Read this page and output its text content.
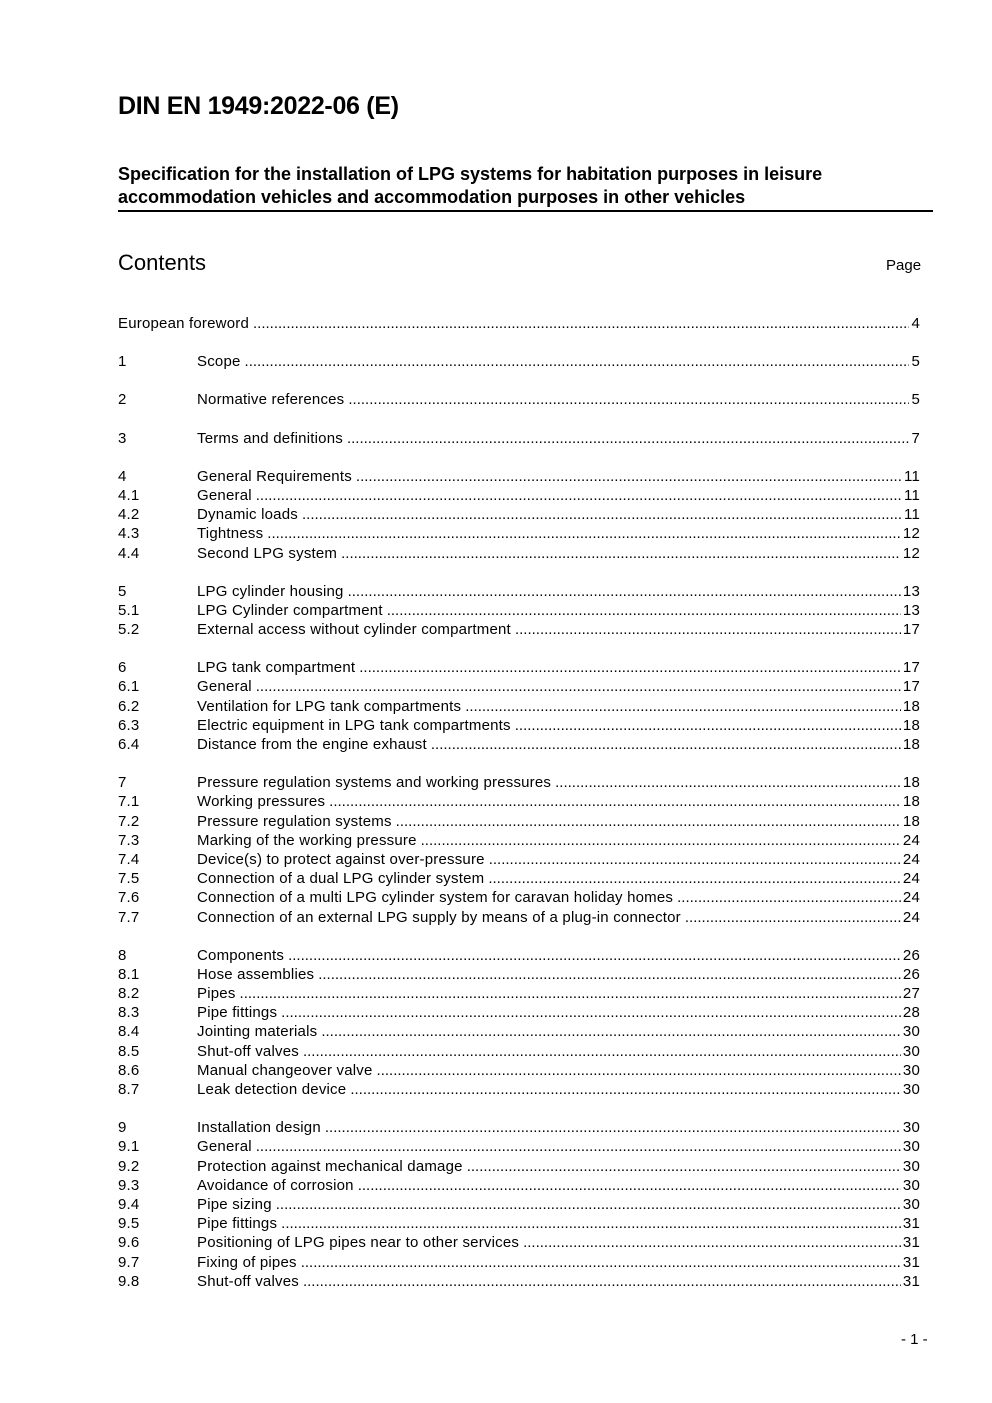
DIN EN 1949:2022-06 (E)
Specification for the installation of LPG systems for habitation purposes in leisure accommodation vehicles and accommodation purposes in other vehicles
Contents	Page
European foreword .....	4
1	Scope .....	5
2	Normative references .....	5
3	Terms and definitions .....	7
4	General Requirements .....	11
4.1	General .....	11
4.2	Dynamic loads .....	11
4.3	Tightness .....	12
4.4	Second LPG system .....	12
5	LPG cylinder housing .....	13
5.1	LPG Cylinder compartment .....	13
5.2	External access without cylinder compartment .....	17
6	LPG tank compartment .....	17
6.1	General .....	17
6.2	Ventilation for LPG tank compartments .....	18
6.3	Electric equipment in LPG tank compartments .....	18
6.4	Distance from the engine exhaust .....	18
7	Pressure regulation systems and working pressures .....	18
7.1	Working pressures .....	18
7.2	Pressure regulation systems .....	18
7.3	Marking of the working pressure .....	24
7.4	Device(s) to protect against over-pressure .....	24
7.5	Connection of a dual LPG cylinder system .....	24
7.6	Connection of a multi LPG cylinder system for caravan holiday homes .....	24
7.7	Connection of an external LPG supply by means of a plug-in connector .....	24
8	Components .....	26
8.1	Hose assemblies .....	26
8.2	Pipes .....	27
8.3	Pipe fittings .....	28
8.4	Jointing materials .....	30
8.5	Shut-off valves .....	30
8.6	Manual changeover valve .....	30
8.7	Leak detection device .....	30
9	Installation design .....	30
9.1	General .....	30
9.2	Protection against mechanical damage .....	30
9.3	Avoidance of corrosion .....	30
9.4	Pipe sizing .....	30
9.5	Pipe fittings .....	31
9.6	Positioning of LPG pipes near to other services .....	31
9.7	Fixing of pipes .....	31
9.8	Shut-off valves .....	31
- 1 -
